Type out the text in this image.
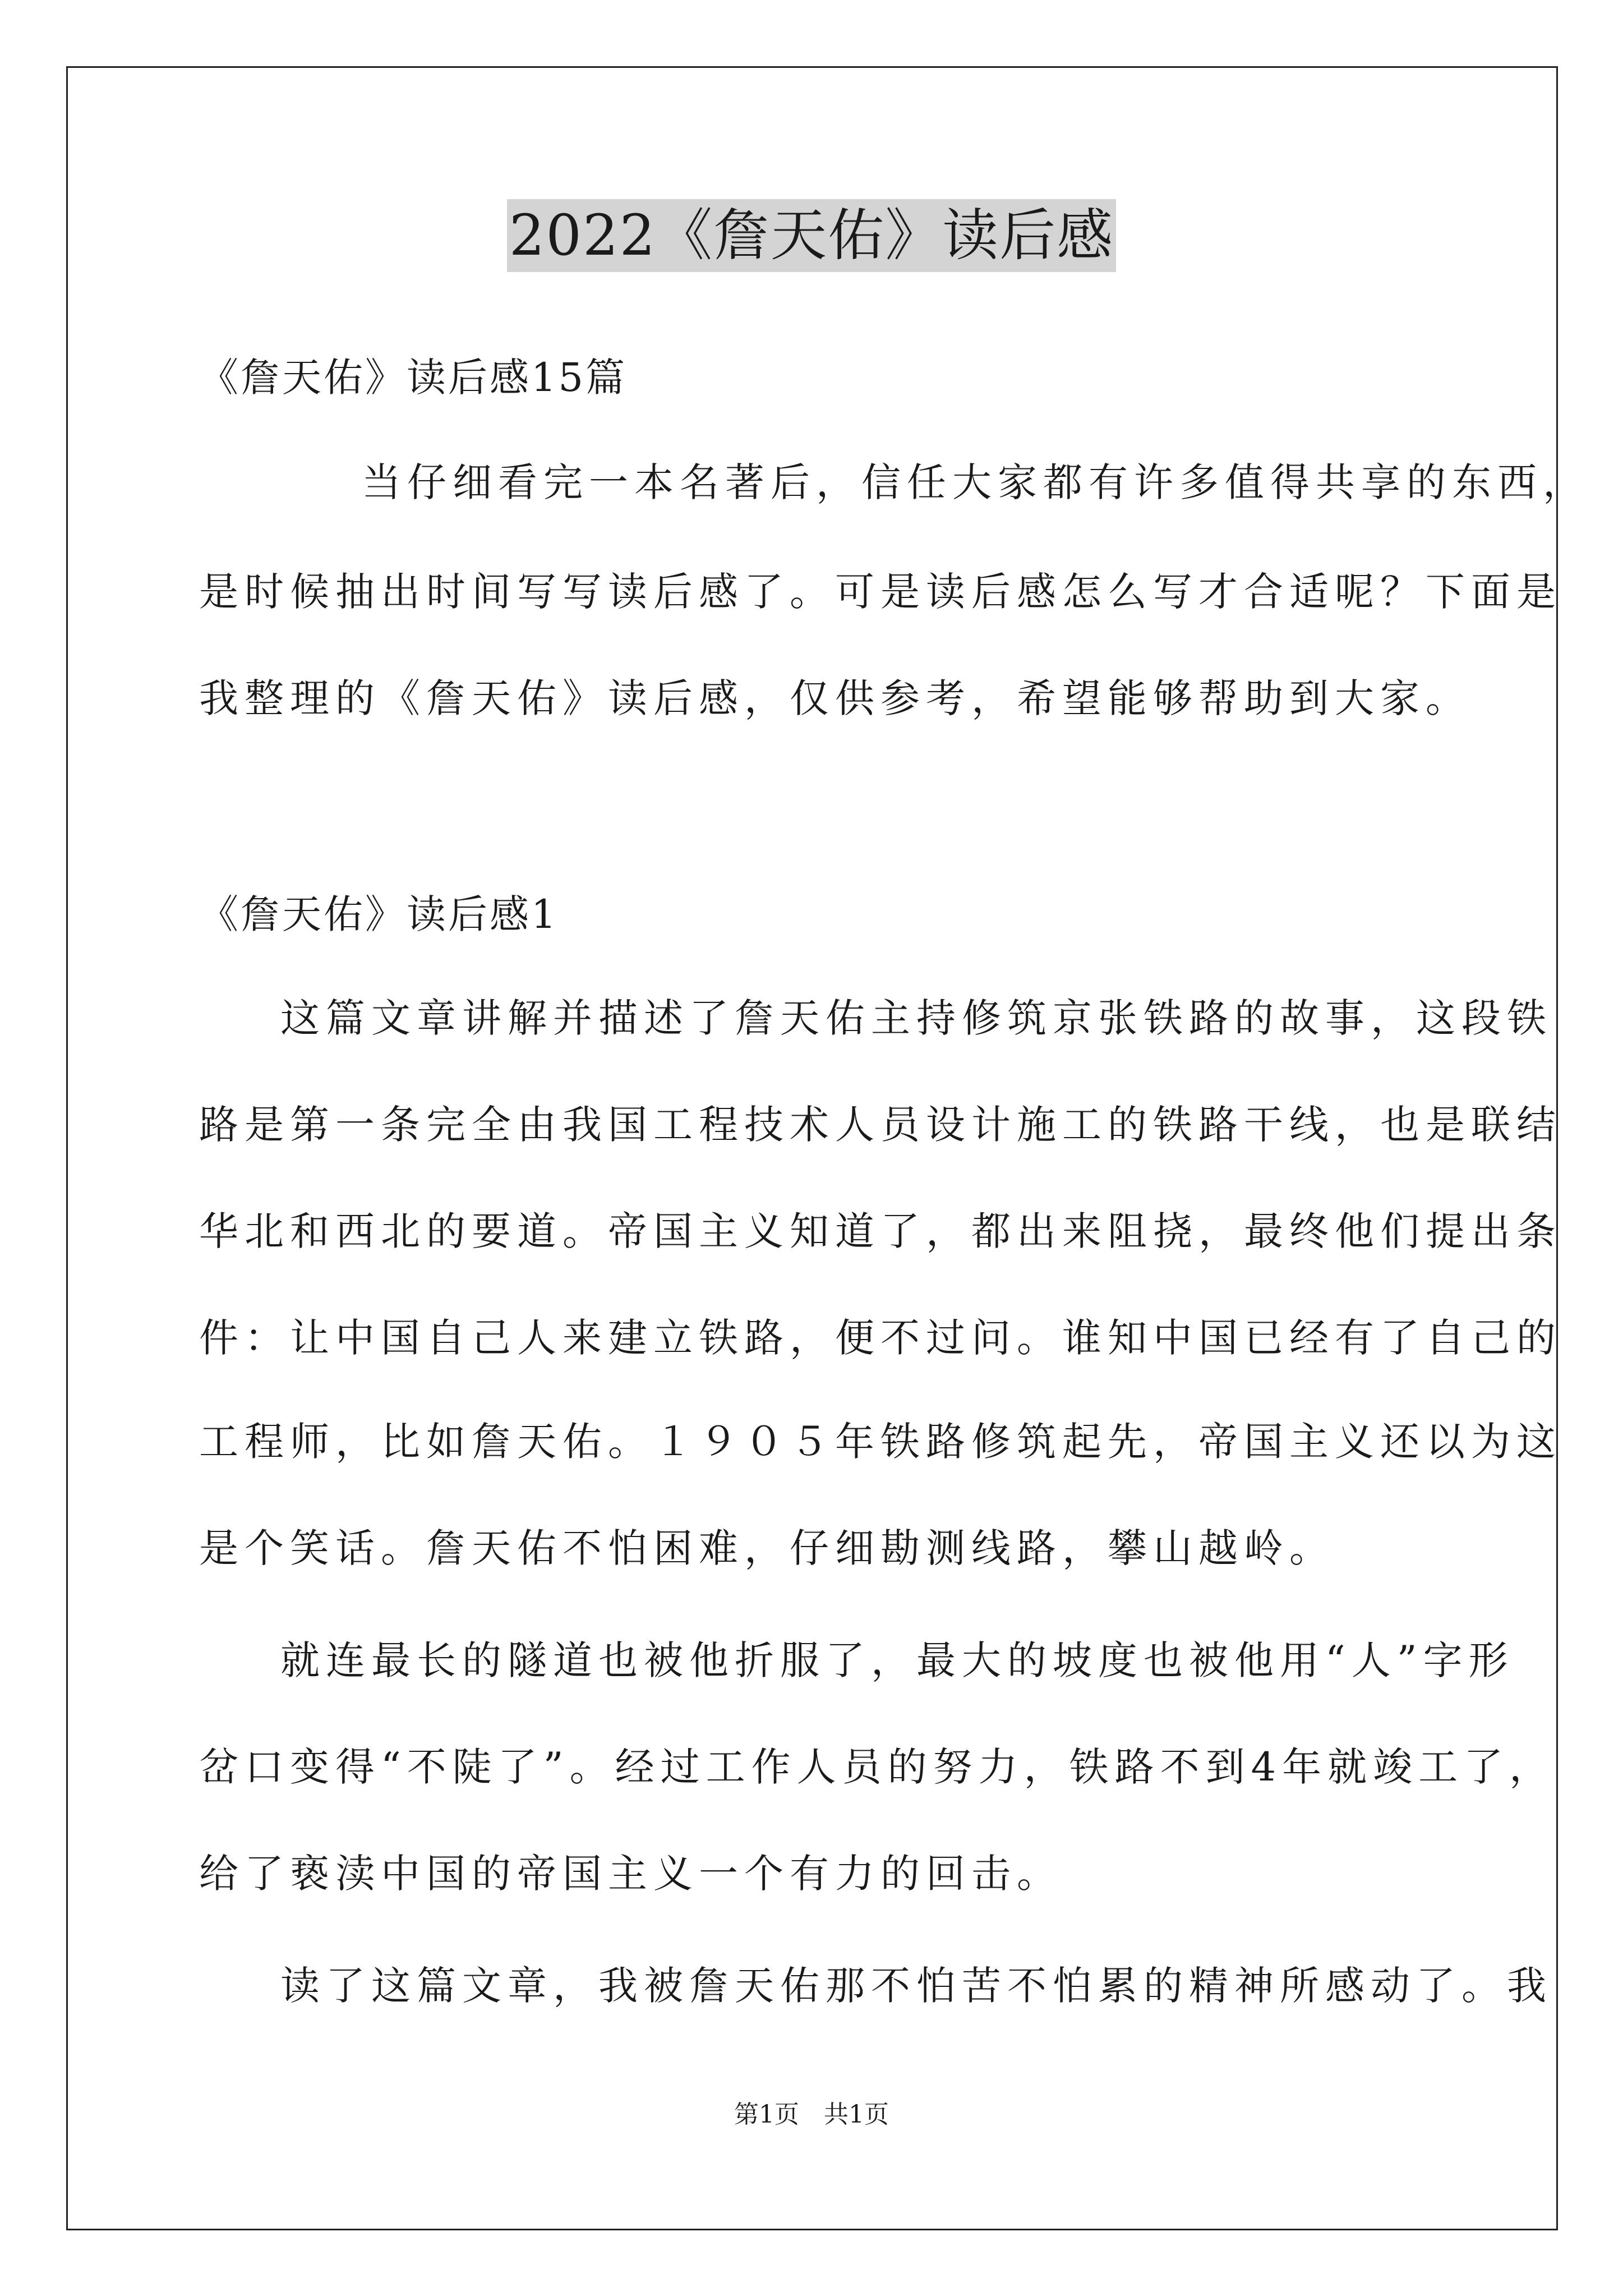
2022《詹天佑》读后感
《詹天佑》读后感15篇
当仔细看完一本名著后，信任大家都有许多值得共享的东西，
是时候抽出时间写写读后感了。可是读后感怎么写才合适呢？下面是
我整理的《詹天佑》读后感，仅供参考，希望能够帮助到大家。
《詹天佑》读后感1
这篇文章讲解并描述了詹天佑主持修筑京张铁路的故事，这段铁
路是第一条完全由我国工程技术人员设计施工的铁路干线，也是联结
华北和西北的要道。帝国主义知道了，都出来阻挠，最终他们提出条
件：让中国自己人来建立铁路，便不过问。谁知中国已经有了自己的
工程师，比如詹天佑。１９０５年铁路修筑起先，帝国主义还以为这
是个笑话。詹天佑不怕困难，仔细勘测线路，攀山越岭。
就连最长的隧道也被他折服了，最大的坡度也被他用“人”字形
岔口变得“不陡了”。经过工作人员的努力，铁路不到4年就竣工了，
给了亵渎中国的帝国主义一个有力的回击。
读了这篇文章，我被詹天佑那不怕苦不怕累的精神所感动了。我
第1页　共1页
